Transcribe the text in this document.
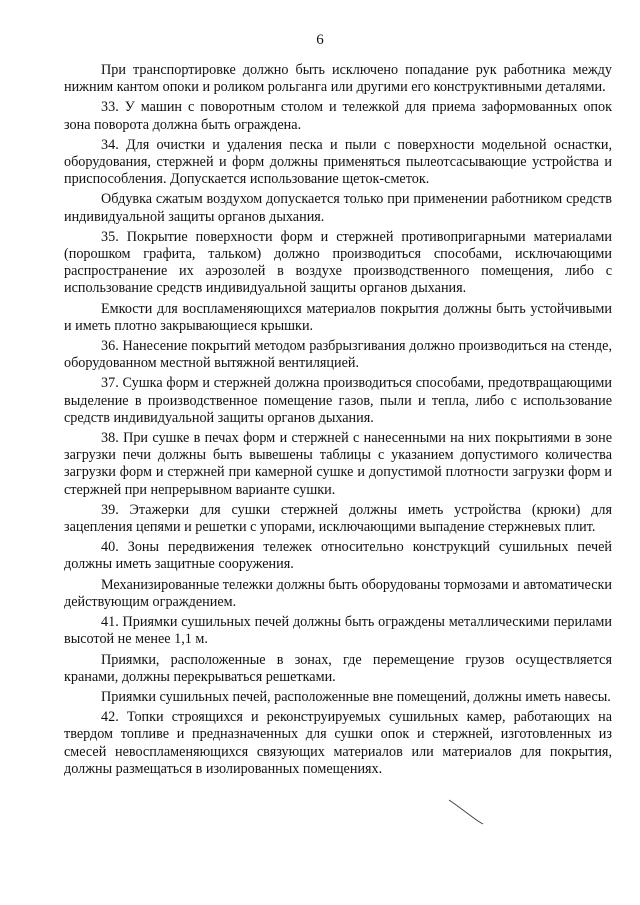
6

При транспортировке должно быть исключено попадание рук работника между нижним кантом опоки и роликом рольганга или другими его конструктивными деталями.

33. У машин с поворотным столом и тележкой для приема заформованных опок зона поворота должна быть ограждена.

34. Для очистки и удаления песка и пыли с поверхности модельной оснастки, оборудования, стержней и форм должны применяться пылеотсасывающие устройства и приспособления. Допускается использование щеток-сметок.

Обдувка сжатым воздухом допускается только при применении работником средств индивидуальной защиты органов дыхания.

35. Покрытие поверхности форм и стержней противопригарными материалами (порошком графита, тальком) должно производиться способами, исключающими распространение их аэрозолей в воздухе производственного помещения, либо с использование средств индивидуальной защиты органов дыхания.

Емкости для воспламеняющихся материалов покрытия должны быть устойчивыми и иметь плотно закрывающиеся крышки.

36. Нанесение покрытий методом разбрызгивания должно производиться на стенде, оборудованном местной вытяжной вентиляцией.

37. Сушка форм и стержней должна производиться способами, предотвращающими выделение в производственное помещение газов, пыли и тепла, либо с использование средств индивидуальной защиты органов дыхания.

38. При сушке в печах форм и стержней с нанесенными на них покрытиями в зоне загрузки печи должны быть вывешены таблицы с указанием допустимого количества загрузки форм и стержней при камерной сушке и допустимой плотности загрузки форм и стержней при непрерывном варианте сушки.

39. Этажерки для сушки стержней должны иметь устройства (крюки) для зацепления цепями и решетки с упорами, исключающими выпадение стержневых плит.

40. Зоны передвижения тележек относительно конструкций сушильных печей должны иметь защитные сооружения.

Механизированные тележки должны быть оборудованы тормозами и автоматически действующим ограждением.

41. Приямки сушильных печей должны быть ограждены металлическими перилами высотой не менее 1,1 м.

Приямки, расположенные в зонах, где перемещение грузов осуществляется кранами, должны перекрываться решетками.

Приямки сушильных печей, расположенные вне помещений, должны иметь навесы.

42. Топки строящихся и реконструируемых сушильных камер, работающих на твердом топливе и предназначенных для сушки опок и стержней, изготовленных из смесей невоспламеняющихся связующих материалов или материалов для покрытия, должны размещаться в изолированных помещениях.
